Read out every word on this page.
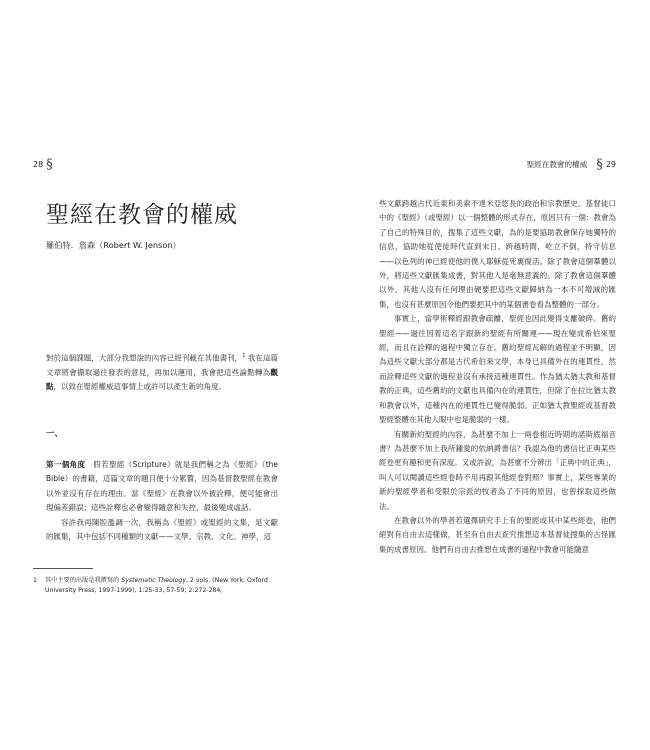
28 §
聖經在教會的權威
羅伯特．詹森（Robert W. Jenson）
對於這個課題，大部分我想說的內容已經刊載在其他書刊，$^1$ 我在這篇文章將會撮取過往發表的意見，再加以運用，我會把這些論點轉為觀點，以致在聖經權威這事情上或許可以產生新的角度。
一、

第一個角度　假若聖經（Scripture）就是我們稱之為《聖經》（the Bible）的書籍，這篇文章的題目便十分累贅，因為基督教聖經在教會以外並沒有存在的理由。當《聖經》在教會以外被詮釋，便可能會出現偏差錯誤；這些詮釋也必會變得隨意和失控，最後變成虛話。

容許我再陳腔濫調一次，我稱為《聖經》或聖經的文集，是文獻的匯集，其中包括不同種類的文獻——文學、宗教、文化、神學，這

1	其中主要的出版是我撰寫的 Systematic Theology, 2 vols. (New York: Oxford University Press, 1997-1999), 1:25-33, 57-59; 2:272-284。
聖經在教會的權威 § 29

些文獻跨越古代近東和美索不達米亞悠長的政治和宗教歷史。基督徒口中的《聖經》（或聖經）以一個整體的形式存在，原因只有一個：教會為了自己的特殊目的，搜集了這些文獻，為的是要協助教會保存她獨特的信息，協助她從使徒時代直到末日、跨越時間，屹立不倒，持守信息——以色列的神已經使他的僕人耶穌從死裏復活。除了教會這個羣體以外，將這些文獻匯集成書，對其他人是毫無意義的。除了教會這個羣體以外，其他人沒有任何理由硬要把這些文獻歸納為一本不可增減的匯集，也沒有甚麼原因令他們要把其中的某個書卷看為整體的一部分。

事實上，當學術釋經跟教會疏離，聖經也因此變得支離破碎。舊約聖經——過往因着這名字跟新約聖經有所關連——現在變成希伯來聖經，而且在詮釋的過程中獨立存在。舊約聖經瓦解的過程並不明顯，因為這些文獻大部分都是古代希伯來文學，本身已具備外在的連貫性，然而詮釋這些文獻的過程並沒有承接這種連貫性。作為猶太猶太教和基督教的正典，這些舊約的文獻也具備內在的連貫性，但除了在拉比猶太教和教會以外，這種內在的連貫性已變得脆弱。正如猶太教聖經或基督教聖經整體在其他人眼中也是脆弱的一樣。

有關新約聖經的內容，為甚麼不加上一兩卷相近時期的諾斯底福音書？為甚麼不加上我所鍾愛的依納爵書信？我認為他的書信比正典某些經卷更有趣和更有深度。又或許說，為甚麼不分辨出「正典中的正典」，叫人可以閱讀這些經卷時不用再跟其他經卷對照？事實上，某些專業的新約聖經學者和受限於宗派的牧者為了不同的原因，也曾採取這些做法。

在教會以外的學者若選擇研究手上有的聖經或其中某些經卷，他們絕對有自由去這樣做，甚至有自由去查究推想這本基督徒搜集的古怪匯集的成書原因。他們有自由去推想在成書的過程中教會可能隨意
